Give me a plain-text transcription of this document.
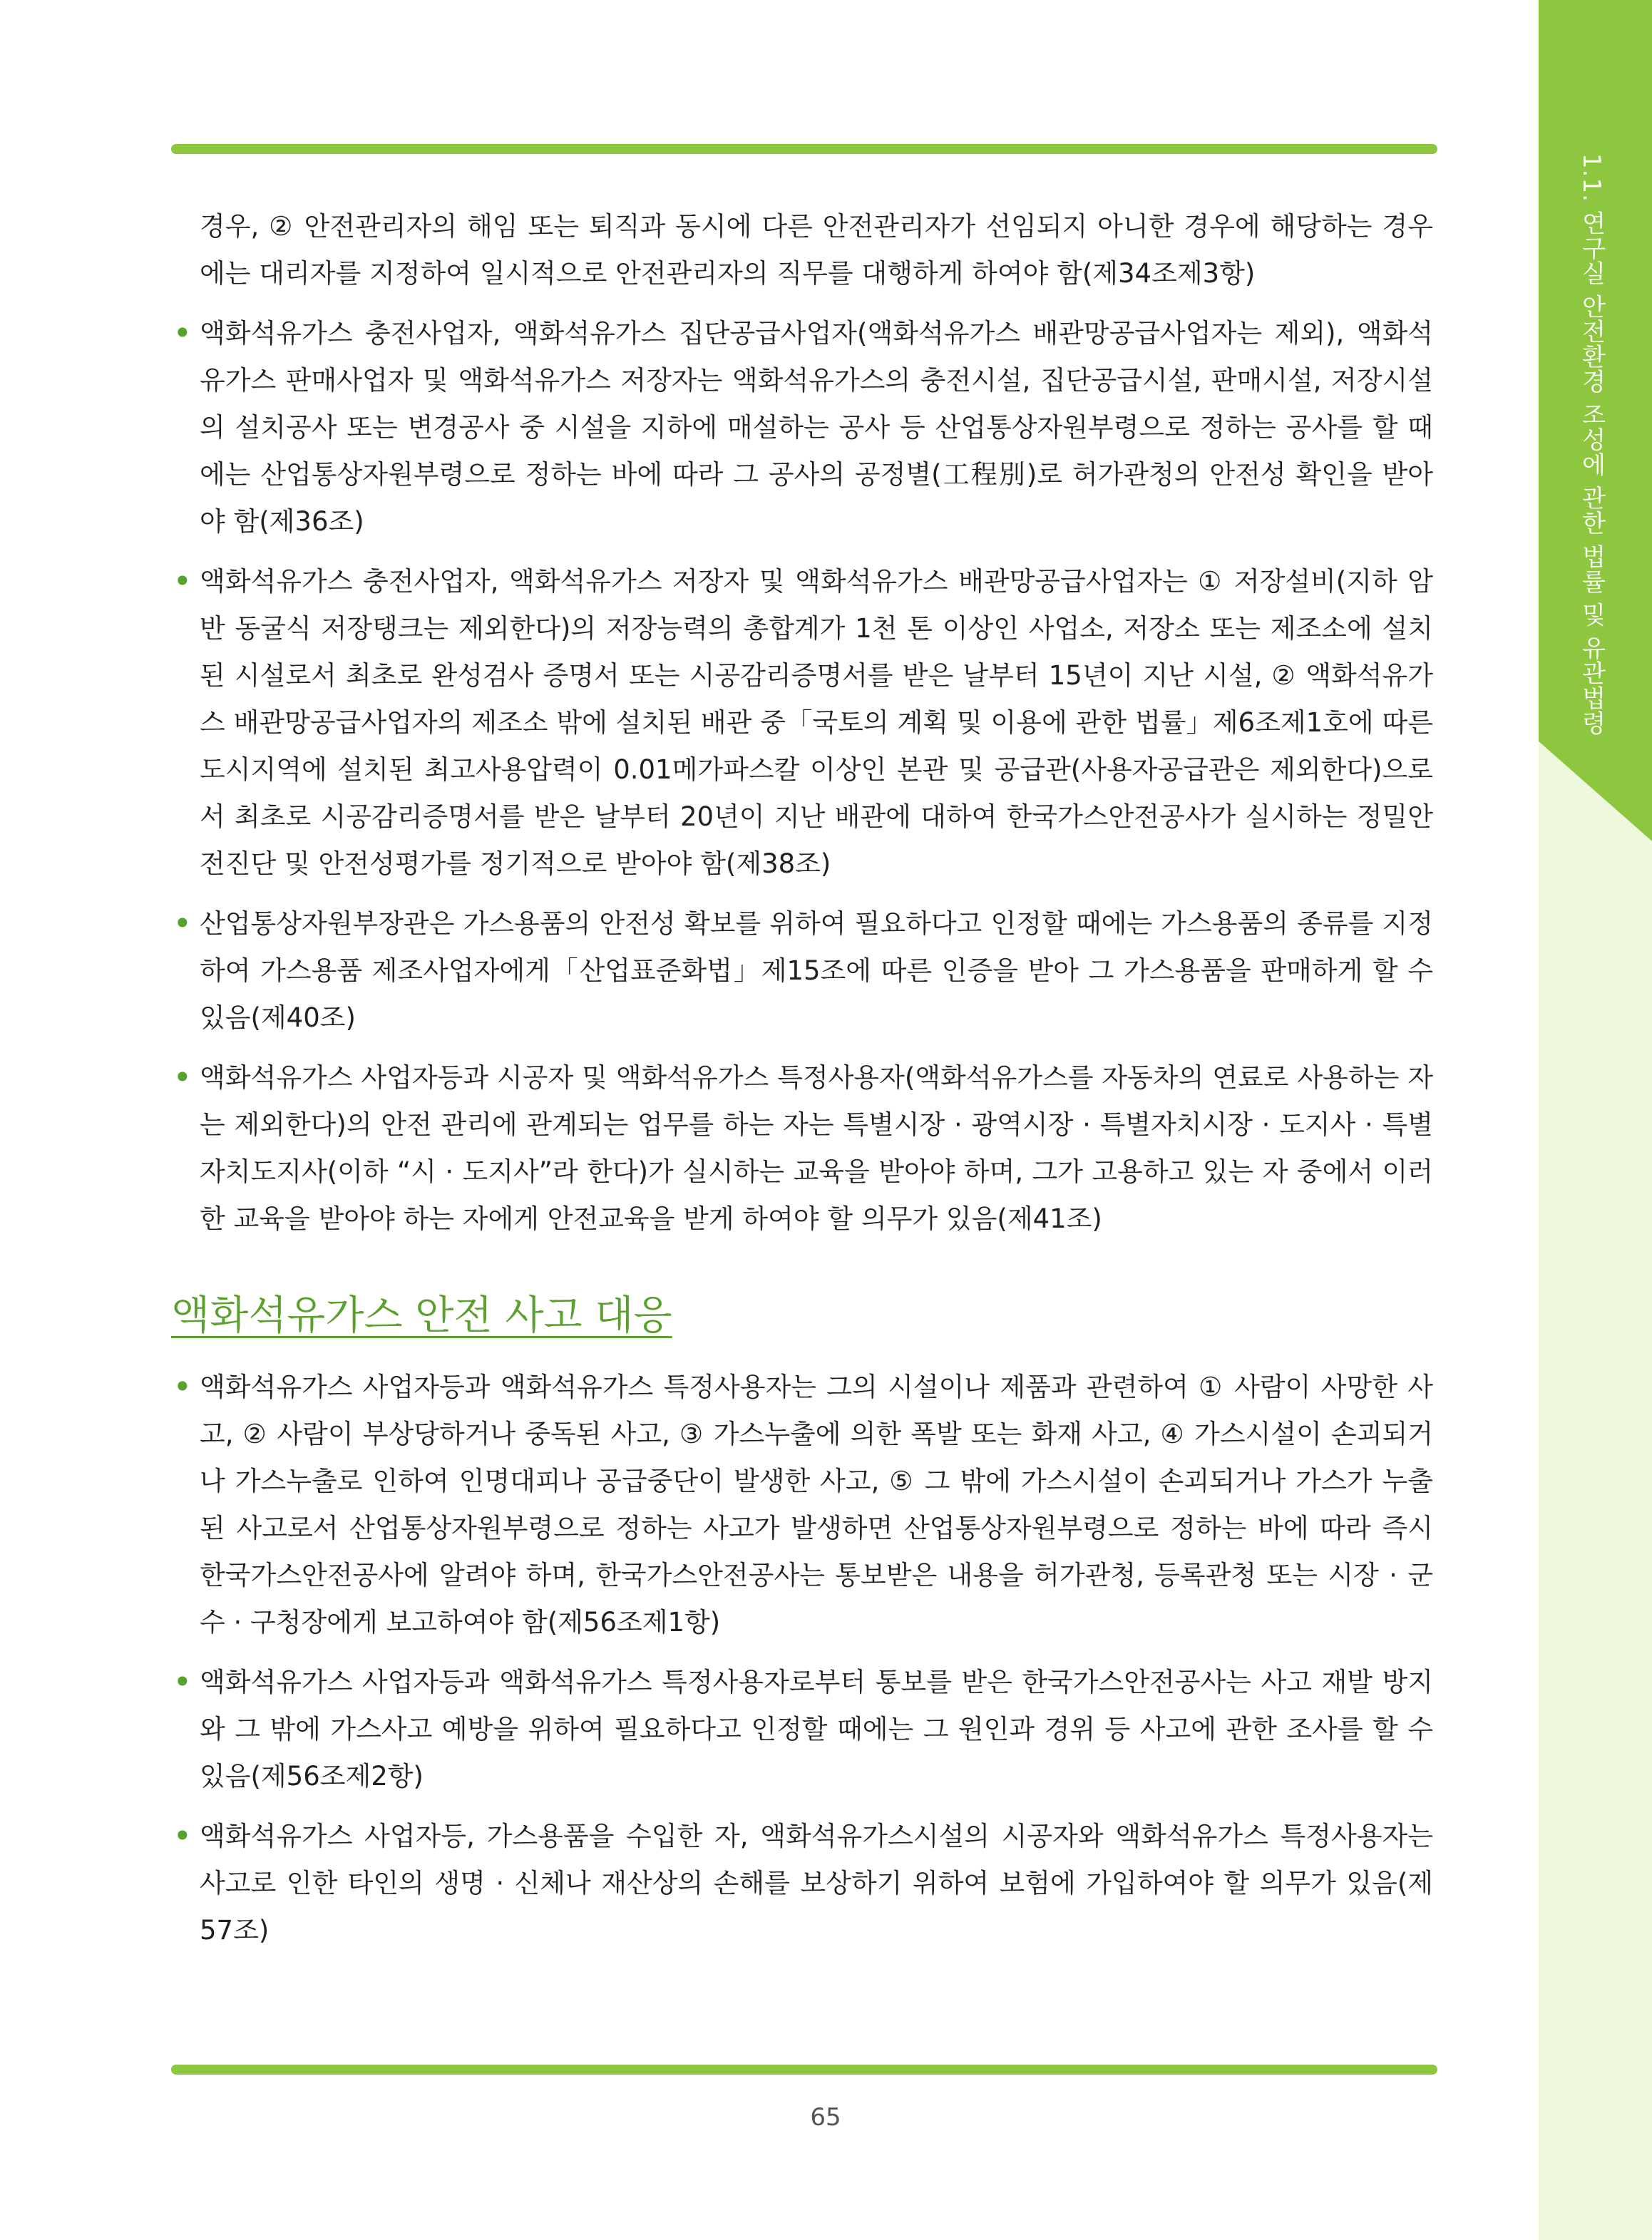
1.1. 연구실 안전환경 조성에 관한 법률 및 유관법령
경우, ② 안전관리자의 해임 또는 퇴직과 동시에 다른 안전관리자가 선임되지 아니한 경우에 해당하는 경우에는 대리자를 지정하여 일시적으로 안전관리자의 직무를 대행하게 하여야 함(제34조제3항)
• 액화석유가스 충전사업자, 액화석유가스 집단공급사업자(액화석유가스 배관망공급사업자는 제외), 액화석유가스 판매사업자 및 액화석유가스 저장자는 액화석유가스의 충전시설, 집단공급시설, 판매시설, 저장시설의 설치공사 또는 변경공사 중 시설을 지하에 매설하는 공사 등 산업통상자원부령으로 정하는 공사를 할 때에는 산업통상자원부령으로 정하는 바에 따라 그 공사의 공정별(工程別)로 허가관청의 안전성 확인을 받아야 함(제36조)
• 액화석유가스 충전사업자, 액화석유가스 저장자 및 액화석유가스 배관망공급사업자는 ① 저장설비(지하 암반 동굴식 저장탱크는 제외한다)의 저장능력의 총합계가 1천 톤 이상인 사업소, 저장소 또는 제조소에 설치된 시설로서 최초로 완성검사 증명서 또는 시공감리증명서를 받은 날부터 15년이 지난 시설, ② 액화석유가스 배관망공급사업자의 제조소 밖에 설치된 배관 중「국토의 계획 및 이용에 관한 법률」제6조제1호에 따른 도시지역에 설치된 최고사용압력이 0.01메가파스칼 이상인 본관 및 공급관(사용자공급관은 제외한다)으로서 최초로 시공감리증명서를 받은 날부터 20년이 지난 배관에 대하여 한국가스안전공사가 실시하는 정밀안전진단 및 안전성평가를 정기적으로 받아야 함(제38조)
• 산업통상자원부장관은 가스용품의 안전성 확보를 위하여 필요하다고 인정할 때에는 가스용품의 종류를 지정하여 가스용품 제조사업자에게「산업표준화법」제15조에 따른 인증을 받아 그 가스용품을 판매하게 할 수 있음(제40조)
• 액화석유가스 사업자등과 시공자 및 액화석유가스 특정사용자(액화석유가스를 자동차의 연료로 사용하는 자는 제외한다)의 안전 관리에 관계되는 업무를 하는 자는 특별시장 · 광역시장 · 특별자치시장 · 도지사 · 특별자치도지사(이하 “시 · 도지사”라 한다)가 실시하는 교육을 받아야 하며, 그가 고용하고 있는 자 중에서 이러한 교육을 받아야 하는 자에게 안전교육을 받게 하여야 할 의무가 있음(제41조)
액화석유가스 안전 사고 대응
• 액화석유가스 사업자등과 액화석유가스 특정사용자는 그의 시설이나 제품과 관련하여 ① 사람이 사망한 사고, ② 사람이 부상당하거나 중독된 사고, ③ 가스누출에 의한 폭발 또는 화재 사고, ④ 가스시설이 손괴되거나 가스누출로 인하여 인명대피나 공급중단이 발생한 사고, ⑤ 그 밖에 가스시설이 손괴되거나 가스가 누출된 사고로서 산업통상자원부령으로 정하는 사고가 발생하면 산업통상자원부령으로 정하는 바에 따라 즉시 한국가스안전공사에 알려야 하며, 한국가스안전공사는 통보받은 내용을 허가관청, 등록관청 또는 시장 · 군수 · 구청장에게 보고하여야 함(제56조제1항)
• 액화석유가스 사업자등과 액화석유가스 특정사용자로부터 통보를 받은 한국가스안전공사는 사고 재발 방지와 그 밖에 가스사고 예방을 위하여 필요하다고 인정할 때에는 그 원인과 경위 등 사고에 관한 조사를 할 수 있음(제56조제2항)
• 액화석유가스 사업자등, 가스용품을 수입한 자, 액화석유가스시설의 시공자와 액화석유가스 특정사용자는 사고로 인한 타인의 생명 · 신체나 재산상의 손해를 보상하기 위하여 보험에 가입하여야 할 의무가 있음(제57조)
65
